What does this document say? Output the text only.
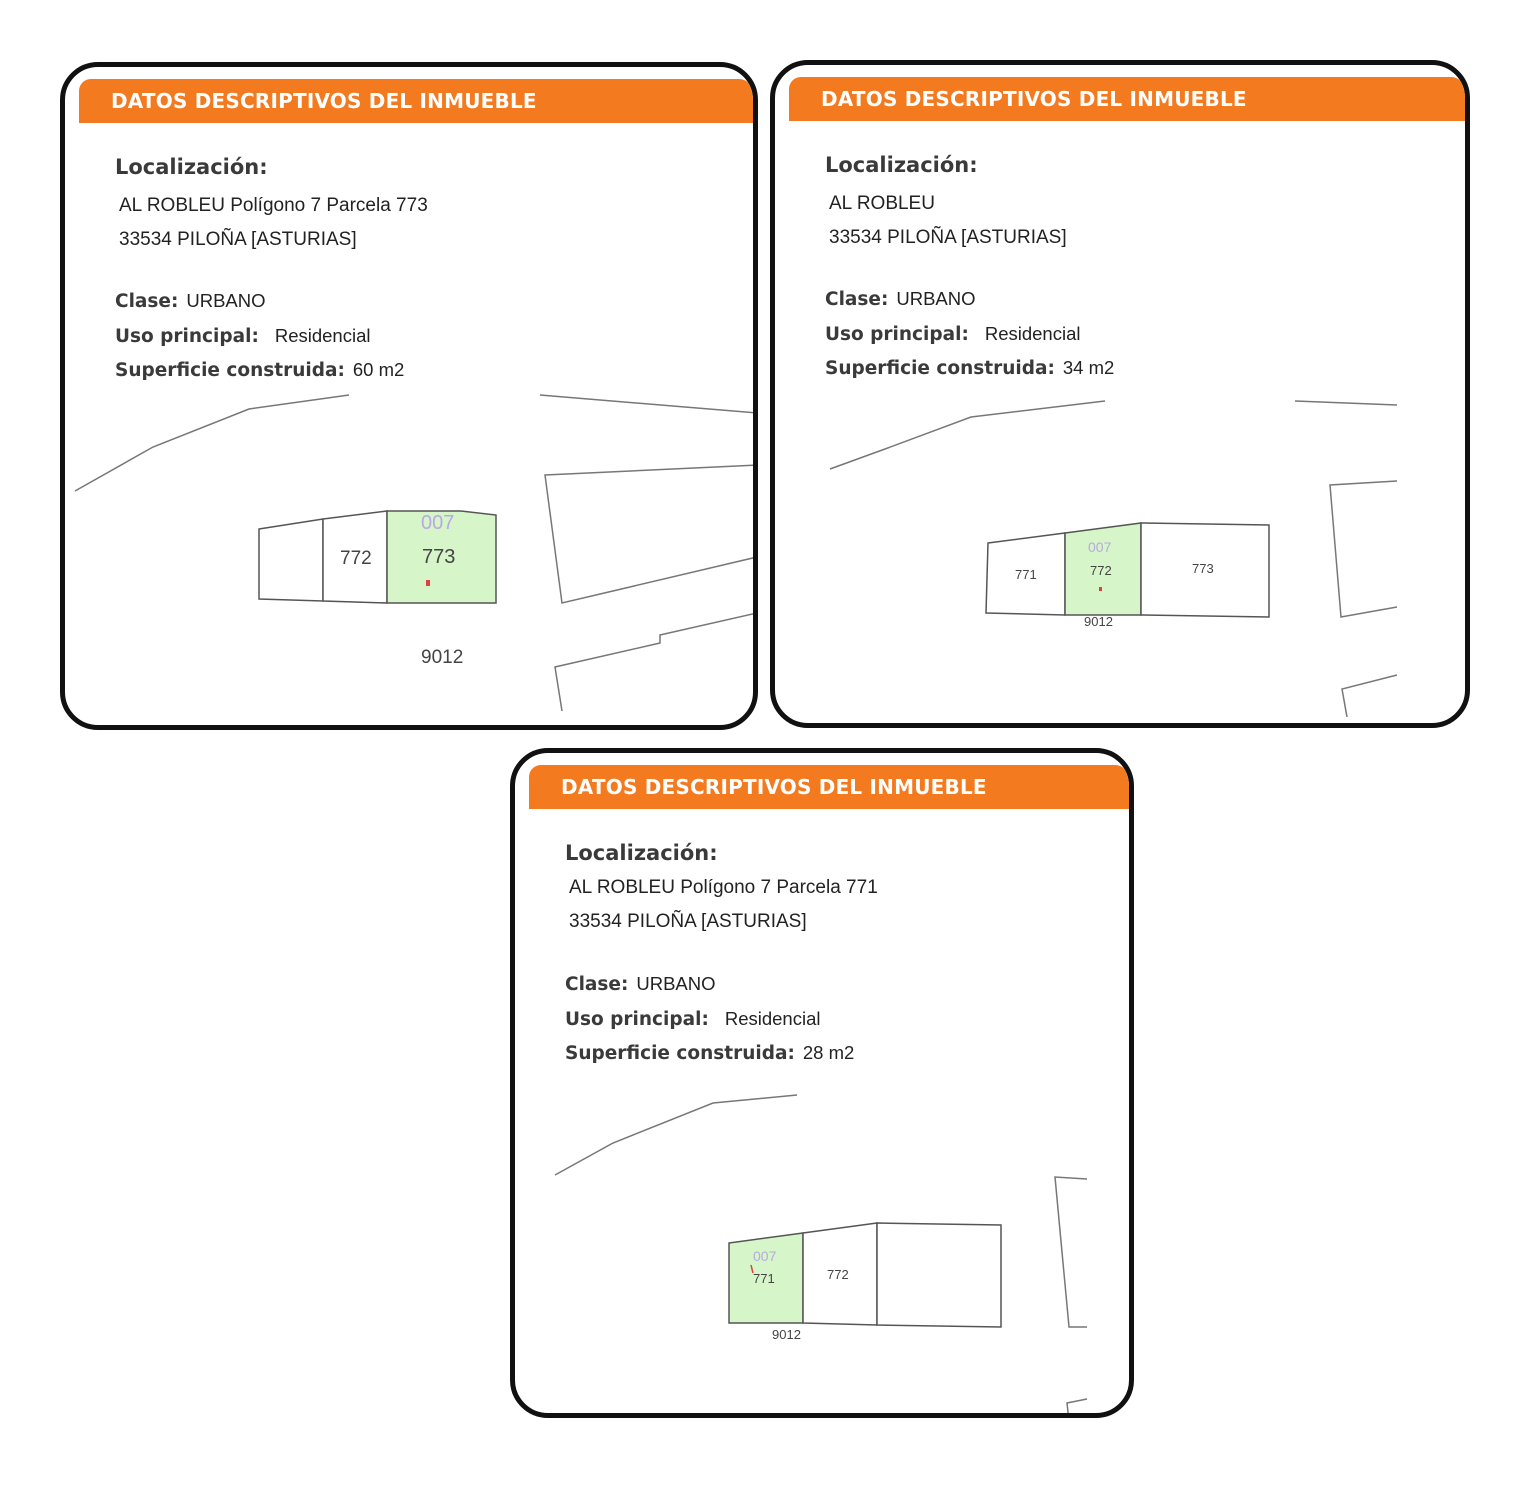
DATOS DESCRIPTIVOS DEL INMUEBLE
772	773
007
9012
Localización:
AL ROBLEU Polígono 7 Parcela 773
33534 PILOÑA [ASTURIAS]
Clase: URBANO
Uso principal: Residencial
Superficie construida: 60 m2
DATOS DESCRIPTIVOS DEL INMUEBLE
771	772	773
007
9012
Localización:
AL ROBLEU
33534 PILOÑA [ASTURIAS]
Clase: URBANO
Uso principal: Residencial
Superficie construida: 34 m2
DATOS DESCRIPTIVOS DEL INMUEBLE
771	772
007
9012
Localización:
AL ROBLEU Polígono 7 Parcela 771
33534 PILOÑA [ASTURIAS]
Clase: URBANO
Uso principal: Residencial
Superficie construida: 28 m2
